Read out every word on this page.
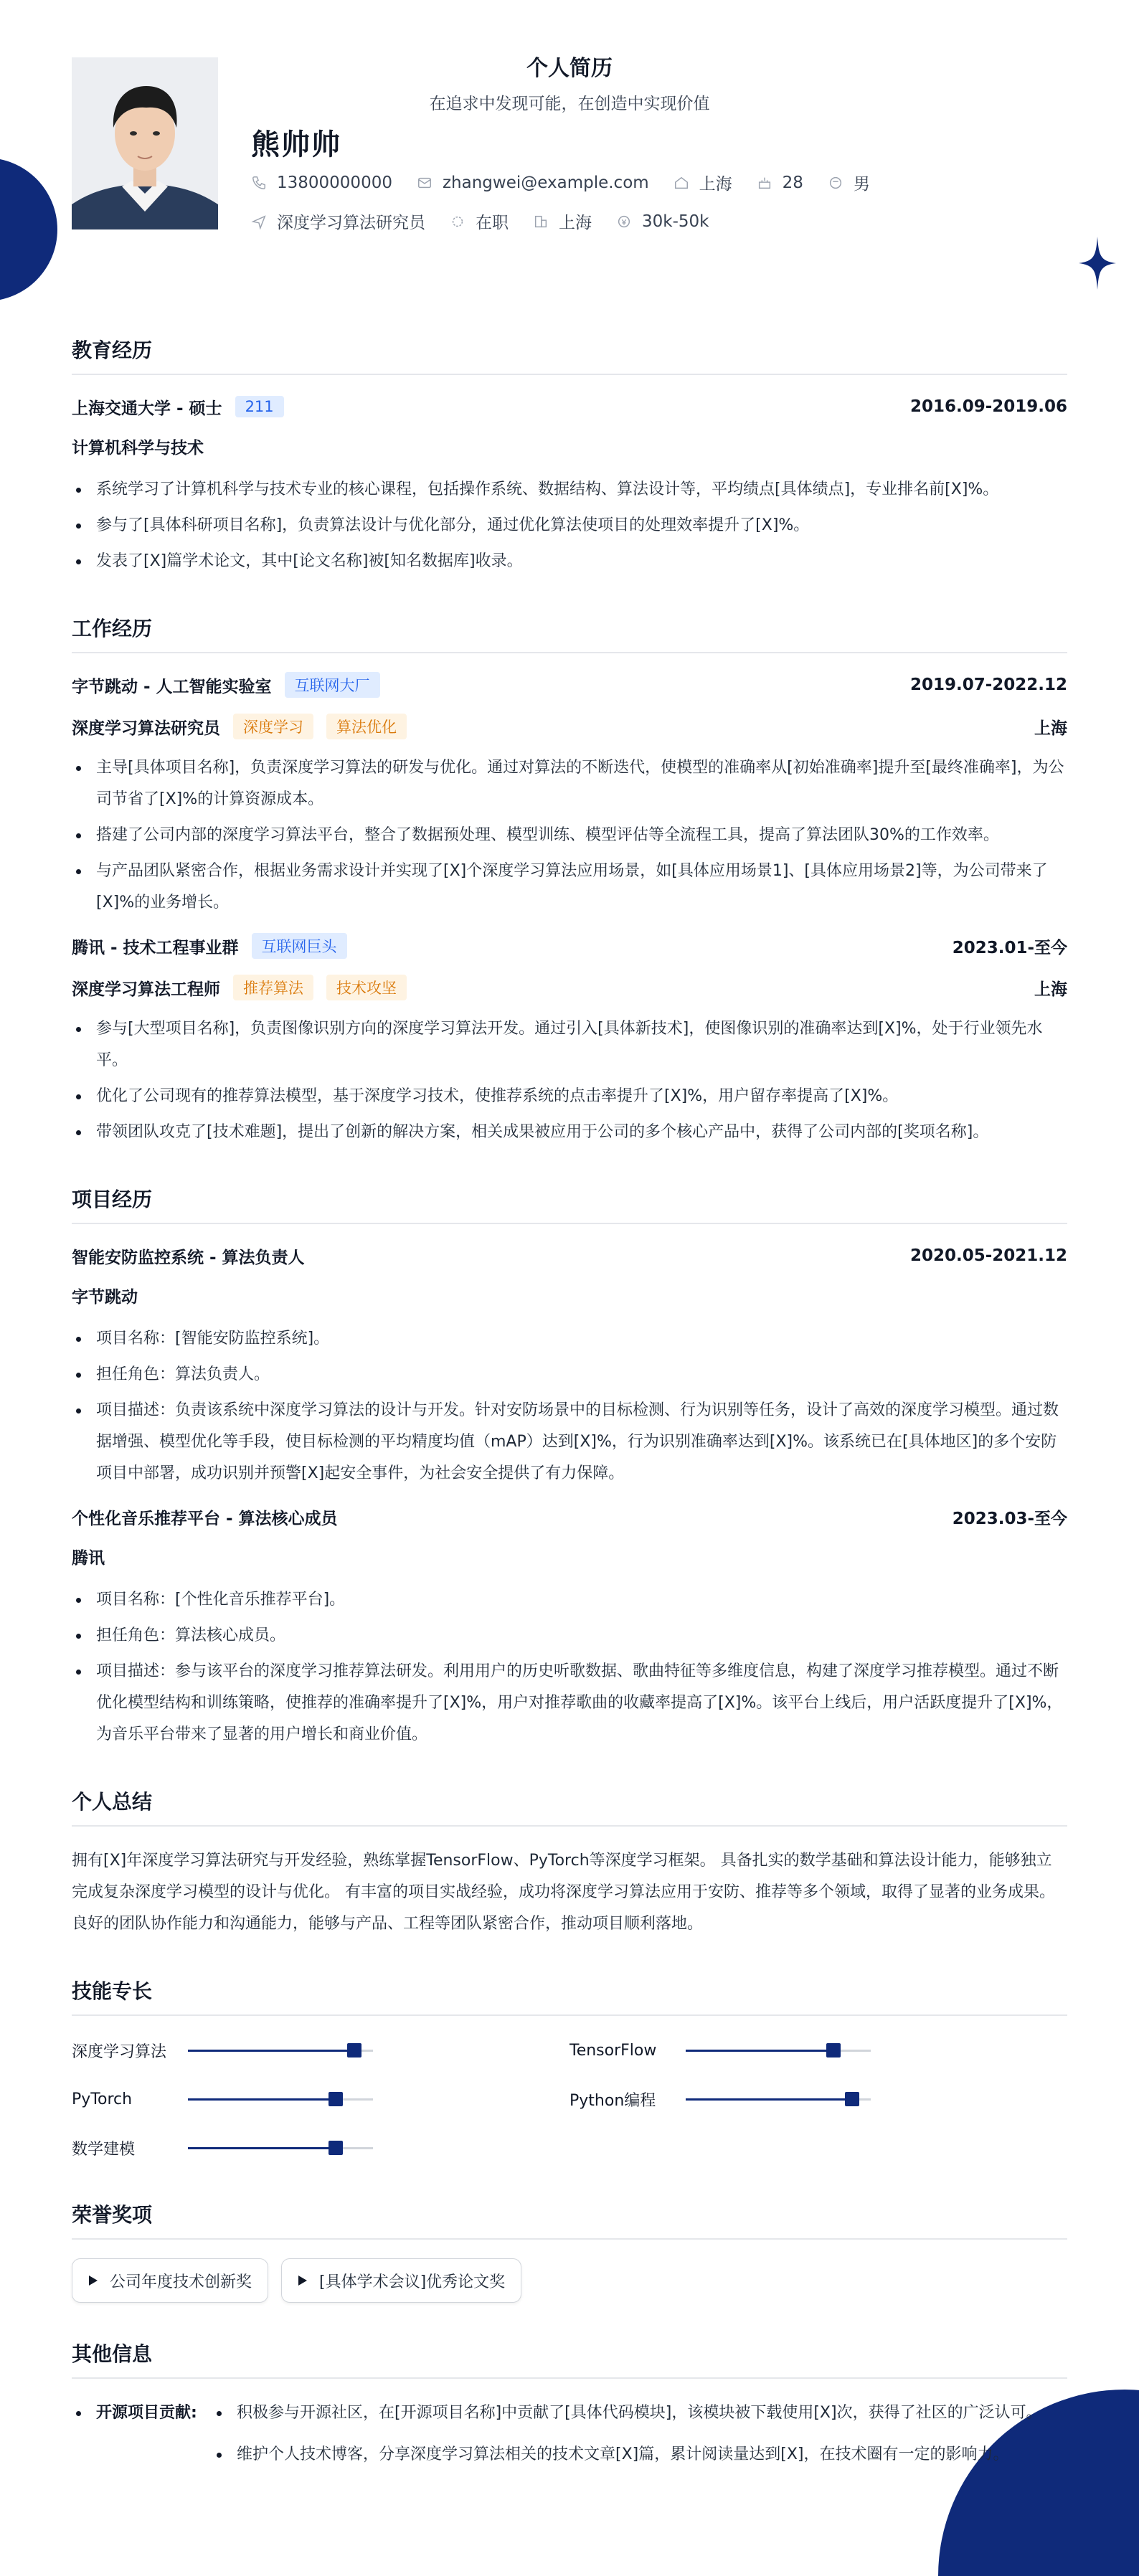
个人简历
在追求中发现可能，在创造中实现价值
熊帅帅
13800000000	zhangwei@example.com	上海	28	男
深度学习算法研究员	在职	上海	30k-50k
教育经历
上海交通大学 - 硕士	211	2016.09-2019.06
计算机科学与技术
系统学习了计算机科学与技术专业的核心课程，包括操作系统、数据结构、算法设计等，平均绩点[具体绩点]，专业排名前[X]%。
参与了[具体科研项目名称]，负责算法设计与优化部分，通过优化算法使项目的处理效率提升了[X]%。
发表了[X]篇学术论文，其中[论文名称]被[知名数据库]收录。
工作经历
字节跳动 - 人工智能实验室	互联网大厂	2019.07-2022.12
深度学习算法研究员	深度学习	算法优化	上海
主导[具体项目名称]，负责深度学习算法的研发与优化。通过对算法的不断迭代，使模型的准确率从[初始准确率]提升至[最终准确率]，为公司节省了[X]%的计算资源成本。
搭建了公司内部的深度学习算法平台，整合了数据预处理、模型训练、模型评估等全流程工具，提高了算法团队30%的工作效率。
与产品团队紧密合作，根据业务需求设计并实现了[X]个深度学习算法应用场景，如[具体应用场景1]、[具体应用场景2]等，为公司带来了[X]%的业务增长。
腾讯 - 技术工程事业群	互联网巨头	2023.01-至今
深度学习算法工程师	推荐算法	技术攻坚	上海
参与[大型项目名称]，负责图像识别方向的深度学习算法开发。通过引入[具体新技术]，使图像识别的准确率达到[X]%，处于行业领先水平。
优化了公司现有的推荐算法模型，基于深度学习技术，使推荐系统的点击率提升了[X]%，用户留存率提高了[X]%。
带领团队攻克了[技术难题]，提出了创新的解决方案，相关成果被应用于公司的多个核心产品中，获得了公司内部的[奖项名称]。
项目经历
智能安防监控系统 - 算法负责人	2020.05-2021.12
字节跳动
项目名称：[智能安防监控系统]。
担任角色：算法负责人。
项目描述：负责该系统中深度学习算法的设计与开发。针对安防场景中的目标检测、行为识别等任务，设计了高效的深度学习模型。通过数据增强、模型优化等手段，使目标检测的平均精度均值（mAP）达到[X]%，行为识别准确率达到[X]%。该系统已在[具体地区]的多个安防项目中部署，成功识别并预警[X]起安全事件，为社会安全提供了有力保障。
个性化音乐推荐平台 - 算法核心成员	2023.03-至今
腾讯
项目名称：[个性化音乐推荐平台]。
担任角色：算法核心成员。
项目描述：参与该平台的深度学习推荐算法研发。利用用户的历史听歌数据、歌曲特征等多维度信息，构建了深度学习推荐模型。通过不断优化模型结构和训练策略，使推荐的准确率提升了[X]%，用户对推荐歌曲的收藏率提高了[X]%。该平台上线后，用户活跃度提升了[X]%，为音乐平台带来了显著的用户增长和商业价值。
个人总结
拥有[X]年深度学习算法研究与开发经验，熟练掌握TensorFlow、PyTorch等深度学习框架。 具备扎实的数学基础和算法设计能力，能够独立完成复杂深度学习模型的设计与优化。 有丰富的项目实战经验，成功将深度学习算法应用于安防、推荐等多个领域，取得了显著的业务成果。 良好的团队协作能力和沟通能力，能够与产品、工程等团队紧密合作，推动项目顺利落地。
技能专长
深度学习算法	TensorFlow
PyTorch	Python编程
数学建模
荣誉奖项
公司年度技术创新奖	[具体学术会议]优秀论文奖
其他信息
开源项目贡献:	积极参与开源社区，在[开源项目名称]中贡献了[具体代码模块]，该模块被下载使用[X]次，获得了社区的广泛认可。
维护个人技术博客，分享深度学习算法相关的技术文章[X]篇，累计阅读量达到[X]，在技术圈有一定的影响力。
